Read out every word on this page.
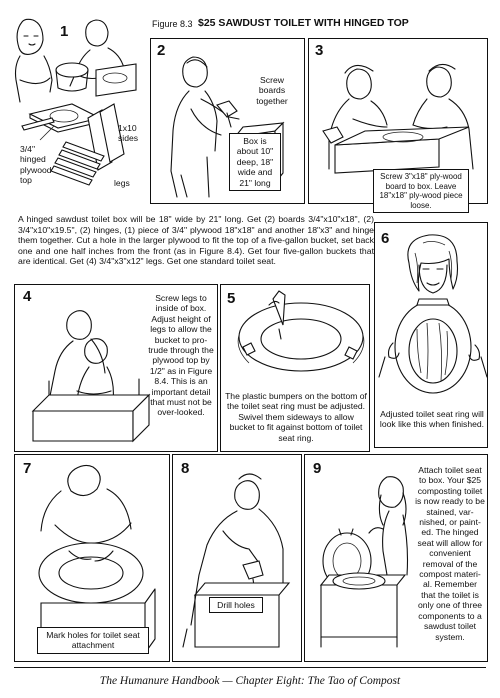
1
1x10 sides
3/4" hinged plywood top	legs
Figure 8.3 $25 SAWDUST TOILET WITH HINGED TOP
2
Screw boards together
Box is about 10" deep, 18" wide and 21" long
3
Screw 3"x18" ply-wood board to box. Leave 18"x18" ply-wood piece loose.

A hinged sawdust toilet box will be 18" wide by 21" long. Get (2) boards 3/4"x10"x18", (2) 3/4"x10"x19.5", (2) hinges, (1) piece of 3/4" plywood 18"x18" and another 18"x3" and hinge them together. Cut a hole in the larger plywood to fit the top of a five-gallon bucket, set back one and one half inches from the front (as in Figure 8.4). Get four five-gallon buckets that are identical. Get (4) 3/4"x3"x12" legs. Get one standard toilet seat.

6
Adjusted toilet seat ring will look like this when finished.
4	Screw legs to inside of box. Adjust height of legs to allow the bucket to pro-trude through the plywood top by 1/2" as in Figure 8.4. This is an important detail that must not be over-looked.
5
The plastic bumpers on the bottom of the toilet seat ring must be adjusted. Swivel them sideways to allow bucket to fit against bottom of toilet seat ring.
7
Mark holes for toilet seat attachment
8
Drill holes
9	Attach toilet seat to box. Your $25 composting toilet is now ready to be stained, var-nished, or paint-ed. The hinged seat will allow for convenient removal of the compost materi-al. Remember that the toilet is only one of three components to a sawdust toilet system.
The Humanure Handbook — Chapter Eight: The Tao of Compost
